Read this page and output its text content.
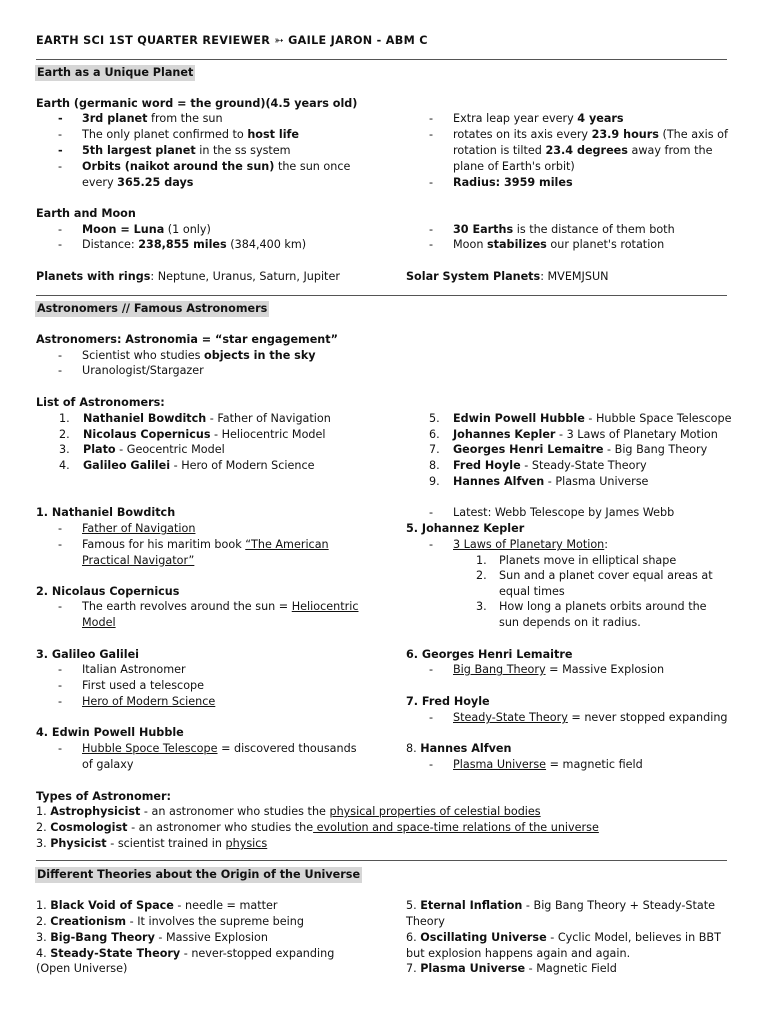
EARTH SCI 1ST QUARTER REVIEWER ➳ GAILE JARON - ABM C
Earth as a Unique Planet
Earth (germanic word = the ground)(4.5 years old)
- 3rd planet from the sun
- The only planet confirmed to host life
- 5th largest planet in the ss system
- Orbits (naikot around the sun) the sun once
every 365.25 days
- Extra leap year every 4 years
- rotates on its axis every 23.9 hours (The axis of
rotation is tilted 23.4 degrees away from the
plane of Earth's orbit)
- Radius: 3959 miles
Earth and Moon
- Moon = Luna (1 only)
- Distance: 238,855 miles (384,400 km)
- 30 Earths is the distance of them both
- Moon stabilizes our planet's rotation
Planets with rings: Neptune, Uranus, Saturn, Jupiter	Solar System Planets: MVEMJSUN
Astronomers // Famous Astronomers
Astronomers: Astronomia = “star engagement”
- Scientist who studies objects in the sky
- Uranologist/Stargazer
List of Astronomers:
1. Nathaniel Bowditch - Father of Navigation
2. Nicolaus Copernicus - Heliocentric Model
3. Plato - Geocentric Model
4. Galileo Galilei - Hero of Modern Science
5. Edwin Powell Hubble - Hubble Space Telescope
6. Johannes Kepler - 3 Laws of Planetary Motion
7. Georges Henri Lemaitre - Big Bang Theory
8. Fred Hoyle - Steady-State Theory
9. Hannes Alfven - Plasma Universe
1. Nathaniel Bowditch
- Father of Navigation
- Famous for his maritim book “The American
Practical Navigator”
2. Nicolaus Copernicus
- The earth revolves around the sun = Heliocentric
Model
3. Galileo Galilei
- Italian Astronomer
- First used a telescope
- Hero of Modern Science
4. Edwin Powell Hubble
- Hubble Spoce Telescope = discovered thousands
of galaxy
- Latest: Webb Telescope by James Webb
5. Johannez Kepler
- 3 Laws of Planetary Motion:
1. Planets move in elliptical shape
2. Sun and a planet cover equal areas at
equal times
3. How long a planets orbits around the
sun depends on it radius.
6. Georges Henri Lemaitre
- Big Bang Theory = Massive Explosion
7. Fred Hoyle
- Steady-State Theory = never stopped expanding
8. Hannes Alfven
- Plasma Universe = magnetic field
Types of Astronomer:
1. Astrophysicist - an astronomer who studies the physical properties of celestial bodies
2. Cosmologist - an astronomer who studies the evolution and space-time relations of the universe
3. Physicist - scientist trained in physics
Different Theories about the Origin of the Universe
1. Black Void of Space - needle = matter
2. Creationism - It involves the supreme being
3. Big-Bang Theory - Massive Explosion
4. Steady-State Theory - never-stopped expanding
(Open Universe)
5. Eternal Inflation - Big Bang Theory + Steady-State
Theory
6. Oscillating Universe - Cyclic Model, believes in BBT
but explosion happens again and again.
7. Plasma Universe - Magnetic Field
